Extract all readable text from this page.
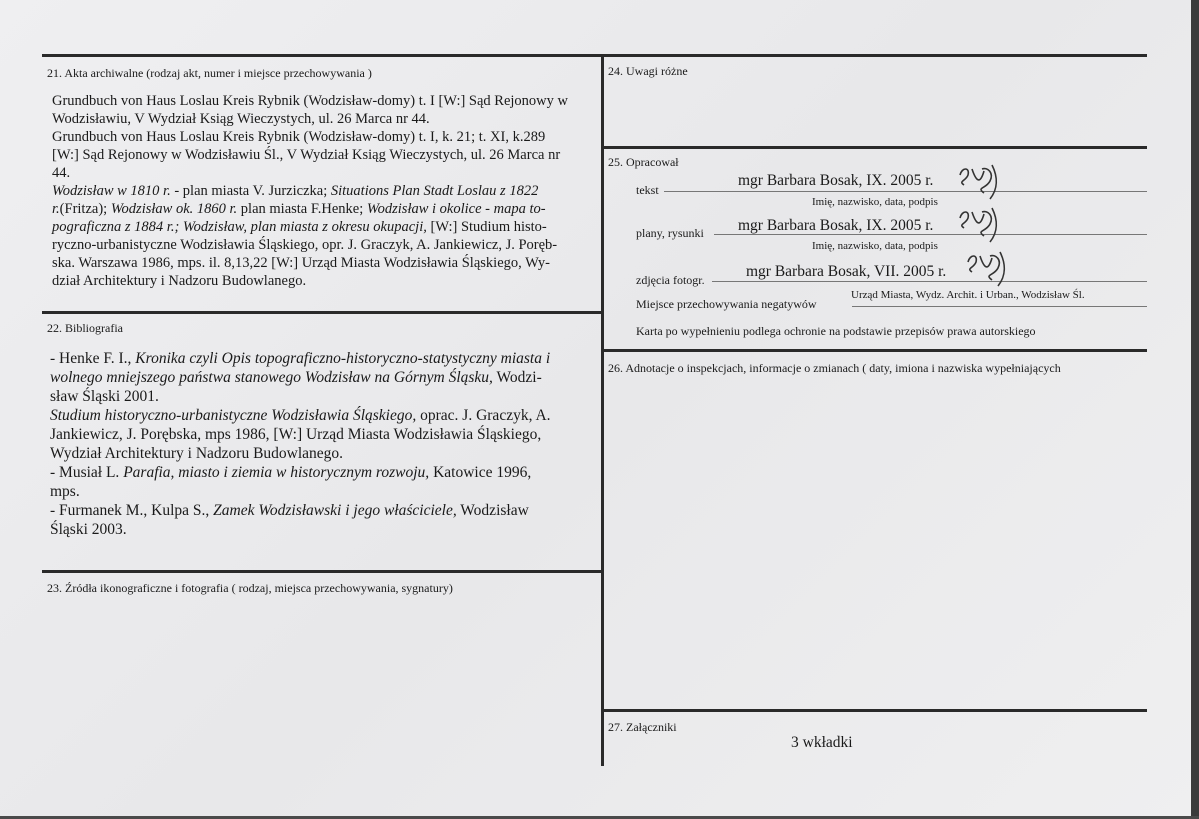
21. Akta archiwalne (rodzaj akt, numer i miejsce przechowywania )
Grundbuch von Haus Loslau Kreis Rybnik (Wodzisław-domy) t. I [W:] Sąd Rejonowy w
Wodzisławiu, V Wydział Ksiąg Wieczystych, ul. 26 Marca nr 44.
Grundbuch von Haus Loslau Kreis Rybnik (Wodzisław-domy) t. I, k. 21; t. XI, k.289
[W:] Sąd Rejonowy w Wodzisławiu Śl., V Wydział Ksiąg Wieczystych, ul. 26 Marca nr
44.
Wodzisław w 1810 r. - plan miasta V. Jurziczka; Situations Plan Stadt Loslau z 1822
r.(Fritza); Wodzisław ok. 1860 r. plan miasta F.Henke; Wodzisław i okolice - mapa to-
pograficzna z 1884 r.; Wodzisław, plan miasta z okresu okupacji, [W:] Studium histo-
ryczno-urbanistyczne Wodzisławia Śląskiego, opr. J. Graczyk, A. Jankiewicz, J. Poręb-
ska. Warszawa 1986, mps. il. 8,13,22 [W:] Urząd Miasta Wodzisławia Śląskiego, Wy-
dział Architektury i Nadzoru Budowlanego.
22. Bibliografia
- Henke F. I., Kronika czyli Opis topograficzno-historyczno-statystyczny miasta i
wolnego mniejszego państwa stanowego Wodzisław na Górnym Śląsku, Wodzi-
sław Śląski 2001.
Studium historyczno-urbanistyczne Wodzisławia Śląskiego, oprac. J. Graczyk, A.
Jankiewicz, J. Porębska, mps 1986, [W:] Urząd Miasta Wodzisławia Śląskiego,
Wydział Architektury i Nadzoru Budowlanego.
- Musiał L. Parafia, miasto i ziemia w historycznym rozwoju, Katowice 1996,
mps.
- Furmanek M., Kulpa S., Zamek Wodzisławski i jego właściciele, Wodzisław
Śląski 2003.
23. Źródła ikonograficzne i fotografia ( rodzaj, miejsca przechowywania, sygnatury)
24. Uwagi różne
25. Opracował
tekst
mgr Barbara Bosak, IX. 2005 r.
Imię, nazwisko, data, podpis
plany, rysunki mgr Barbara Bosak, IX. 2005 r.
Imię, nazwisko, data, podpis
zdjęcia fotogr.	mgr Barbara Bosak, VII. 2005 r.
Miejsce przechowywania negatywów
Urząd Miasta, Wydz. Archit. i Urban., Wodzisław Śl.
Karta po wypełnieniu podlega ochronie na podstawie przepisów prawa autorskiego
26. Adnotacje o inspekcjach, informacje o zmianach ( daty, imiona i nazwiska wypełniających
27. Załączniki
3 wkładki
